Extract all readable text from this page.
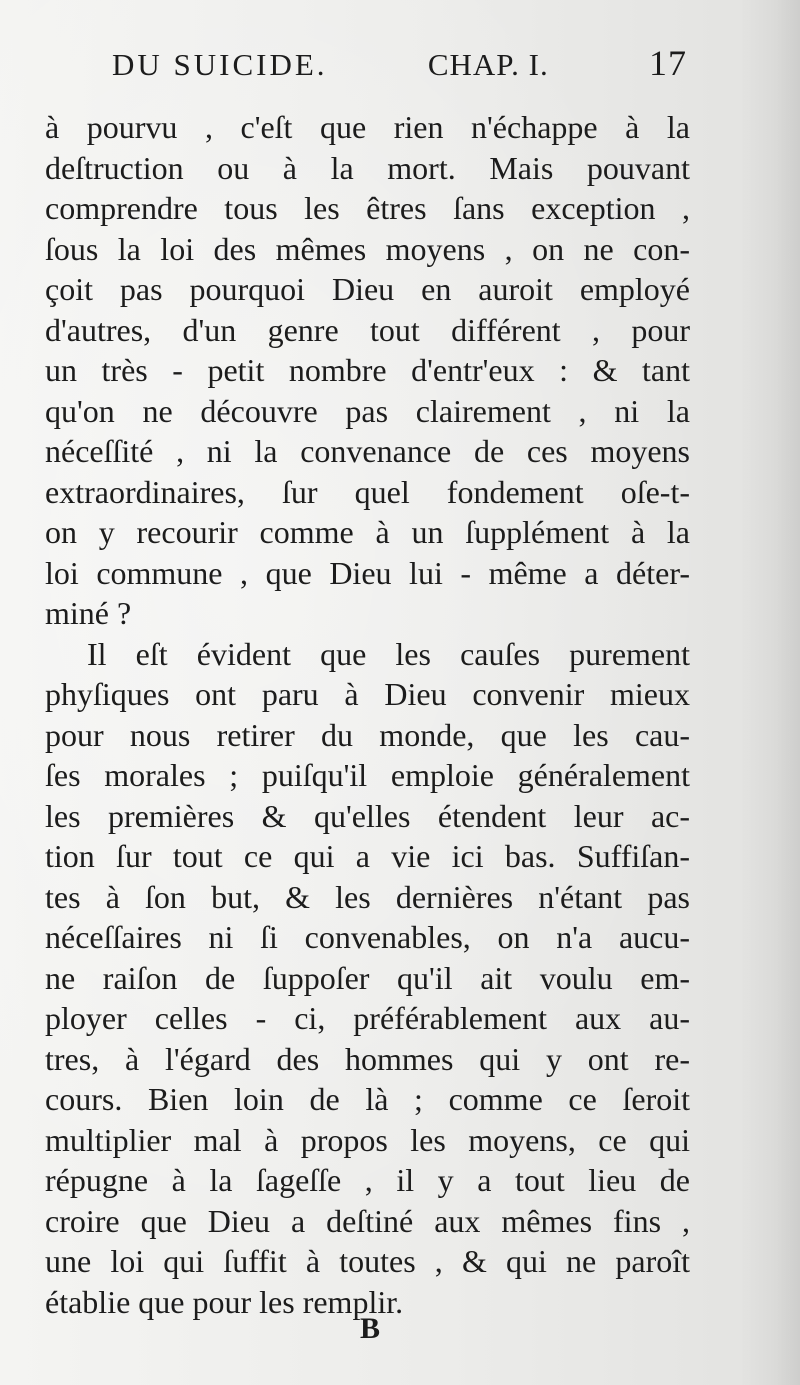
DU SUICIDE.	CHAP. I.	17
à pourvu , c'eſt que rien n'échappe à la
deſtruction ou à la mort. Mais pouvant
comprendre tous les êtres ſans exception ,
ſous la loi des mêmes moyens , on ne con-
çoit pas pourquoi Dieu en auroit employé
d'autres, d'un genre tout différent , pour
un très - petit nombre d'entr'eux : & tant
qu'on ne découvre pas clairement , ni la
néceſſité , ni la convenance de ces moyens
extraordinaires, ſur quel fondement oſe-t-
on y recourir comme à un ſupplément à la
loi commune , que Dieu lui - même a déter-
miné ?
Il eſt évident que les cauſes purement
phyſiques ont paru à Dieu convenir mieux
pour nous retirer du monde, que les cau-
ſes morales ; puiſqu'il emploie généralement
les premières & qu'elles étendent leur ac-
tion ſur tout ce qui a vie ici bas. Suffiſan-
tes à ſon but, & les dernières n'étant pas
néceſſaires ni ſi convenables, on n'a aucu-
ne raiſon de ſuppoſer qu'il ait voulu em-
ployer celles - ci, préférablement aux au-
tres, à l'égard des hommes qui y ont re-
cours. Bien loin de là ; comme ce ſeroit
multiplier mal à propos les moyens, ce qui
répugne à la ſageſſe , il y a tout lieu de
croire que Dieu a deſtiné aux mêmes fins ,
une loi qui ſuffit à toutes , & qui ne paroît
établie que pour les remplir.
B
